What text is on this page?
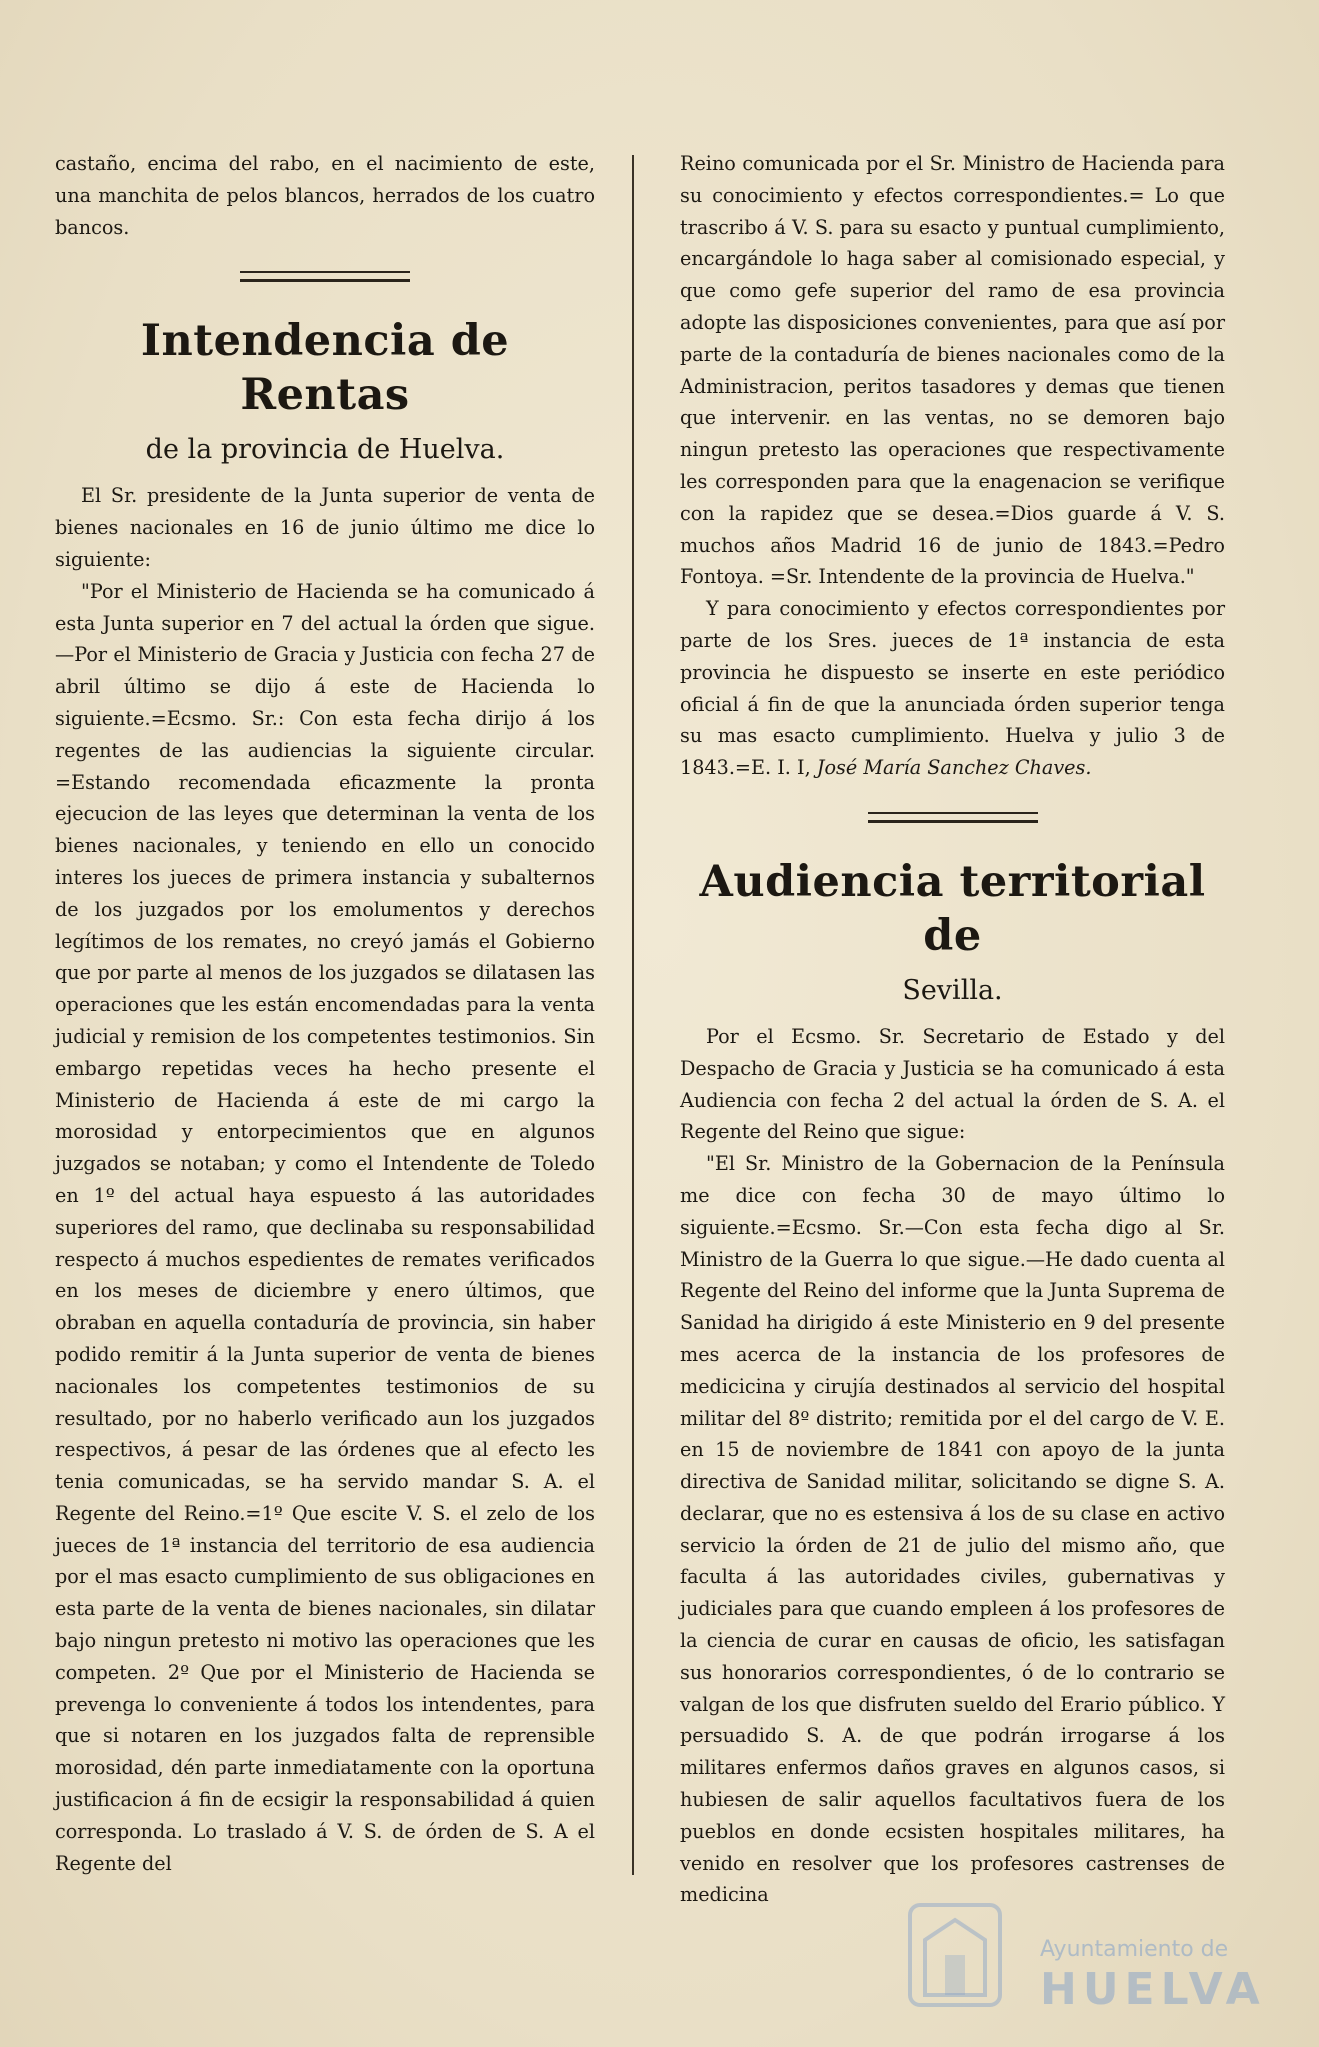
castaño, encima del rabo, en el nacimiento de este, una manchita de pelos blancos, herrados de los cuatro bancos.

Intendencia de Rentas
de la provincia de Huelva.

El Sr. presidente de la Junta superior de venta de bienes nacionales en 16 de junio último me dice lo siguiente:

"Por el Ministerio de Hacienda se ha comunicado á esta Junta superior en 7 del actual la órden que sigue.—Por el Ministerio de Gracia y Justicia con fecha 27 de abril último se dijo á este de Hacienda lo siguiente.=Ecsmo. Sr.: Con esta fecha dirijo á los regentes de las audiencias la siguiente circular. =Estando recomendada eficazmente la pronta ejecucion de las leyes que determinan la venta de los bienes nacionales, y teniendo en ello un conocido interes los jueces de primera instancia y subalternos de los juzgados por los emolumentos y derechos legítimos de los remates, no creyó jamás el Gobierno que por parte al menos de los juzgados se dilatasen las operaciones que les están encomendadas para la venta judicial y remision de los competentes testimonios. Sin embargo repetidas veces ha hecho presente el Ministerio de Hacienda á este de mi cargo la morosidad y entorpecimientos que en algunos juzgados se notaban; y como el Intendente de Toledo en 1º del actual haya espuesto á las autoridades superiores del ramo, que declinaba su responsabilidad respecto á muchos espedientes de remates verificados en los meses de diciembre y enero últimos, que obraban en aquella contaduría de provincia, sin haber podido remitir á la Junta superior de venta de bienes nacionales los competentes testimonios de su resultado, por no haberlo verificado aun los juzgados respectivos, á pesar de las órdenes que al efecto les tenia comunicadas, se ha servido mandar S. A. el Regente del Reino.=1º Que escite V. S. el zelo de los jueces de 1ª instancia del territorio de esa audiencia por el mas esacto cumplimiento de sus obligaciones en esta parte de la venta de bienes nacionales, sin dilatar bajo ningun pretesto ni motivo las operaciones que les competen. 2º Que por el Ministerio de Hacienda se prevenga lo conveniente á todos los intendentes, para que si notaren en los juzgados falta de reprensible morosidad, dén parte inmediatamente con la oportuna justificacion á fin de ecsigir la responsabilidad á quien corresponda. Lo traslado á V. S. de órden de S. A el Regente del

Reino comunicada por el Sr. Ministro de Hacienda para su conocimiento y efectos correspondientes.= Lo que trascribo á V. S. para su esacto y puntual cumplimiento, encargándole lo haga saber al comisionado especial, y que como gefe superior del ramo de esa provincia adopte las disposiciones convenientes, para que así por parte de la contaduría de bienes nacionales como de la Administracion, peritos tasadores y demas que tienen que intervenir. en las ventas, no se demoren bajo ningun pretesto las operaciones que respectivamente les corresponden para que la enagenacion se verifique con la rapidez que se desea.=Dios guarde á V. S. muchos años Madrid 16 de junio de 1843.=Pedro Fontoya. =Sr. Intendente de la provincia de Huelva."

Y para conocimiento y efectos correspondientes por parte de los Sres. jueces de 1ª instancia de esta provincia he dispuesto se inserte en este periódico oficial á fin de que la anunciada órden superior tenga su mas esacto cumplimiento. Huelva y julio 3 de 1843.=E. I. I, José María Sanchez Chaves.

Audiencia territorial de
Sevilla.

Por el Ecsmo. Sr. Secretario de Estado y del Despacho de Gracia y Justicia se ha comunicado á esta Audiencia con fecha 2 del actual la órden de S. A. el Regente del Reino que sigue:

"El Sr. Ministro de la Gobernacion de la Península me dice con fecha 30 de mayo último lo siguiente.=Ecsmo. Sr.—Con esta fecha digo al Sr. Ministro de la Guerra lo que sigue.—He dado cuenta al Regente del Reino del informe que la Junta Suprema de Sanidad ha dirigido á este Ministerio en 9 del presente mes acerca de la instancia de los profesores de medicicina y cirujía destinados al servicio del hospital militar del 8º distrito; remitida por el del cargo de V. E. en 15 de noviembre de 1841 con apoyo de la junta directiva de Sanidad militar, solicitando se digne S. A. declarar, que no es estensiva á los de su clase en activo servicio la órden de 21 de julio del mismo año, que faculta á las autoridades civiles, gubernativas y judiciales para que cuando empleen á los profesores de la ciencia de curar en causas de oficio, les satisfagan sus honorarios correspondientes, ó de lo contrario se valgan de los que disfruten sueldo del Erario público. Y persuadido S. A. de que podrán irrogarse á los militares enfermos daños graves en algunos casos, si hubiesen de salir aquellos facultativos fuera de los pueblos en donde ecsisten hospitales militares, ha venido en resolver que los profesores castrenses de medicina

Ayuntamiento de
HUELVA
